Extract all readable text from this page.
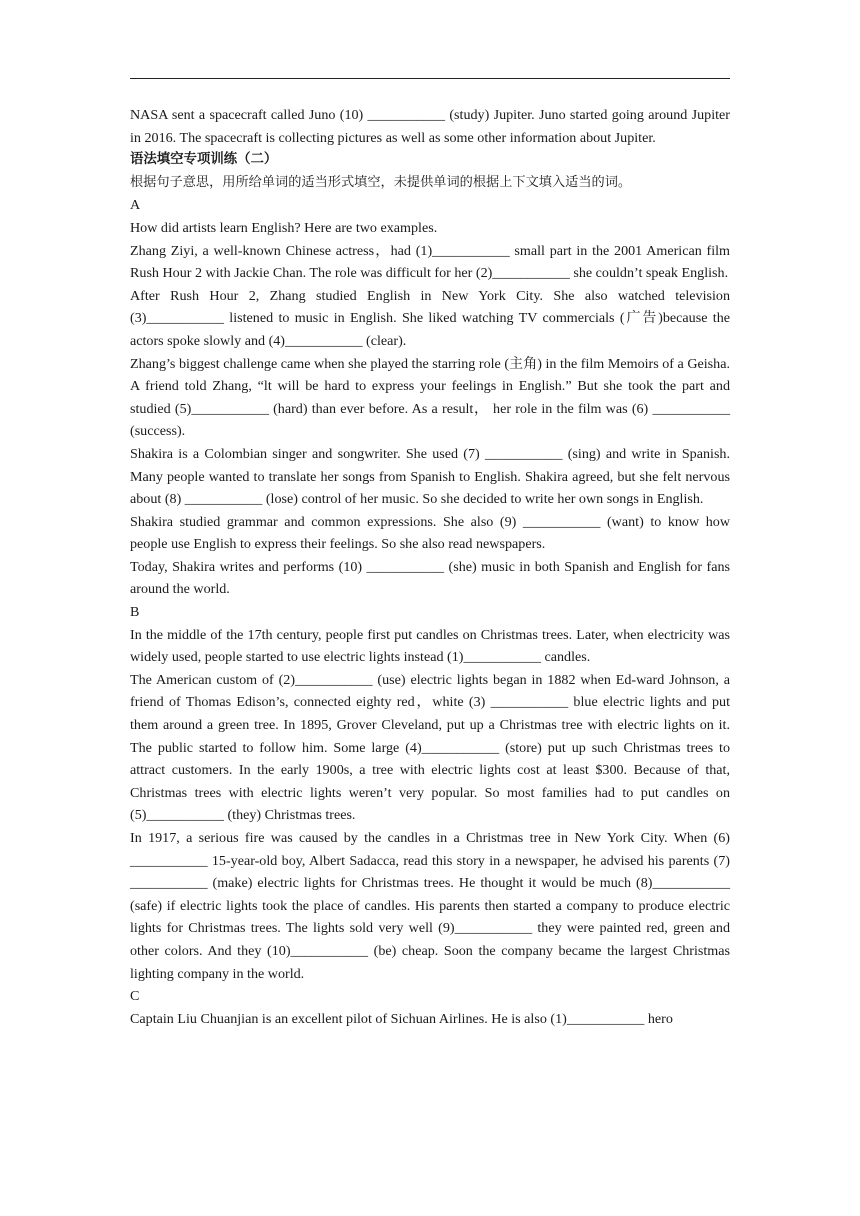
NASA sent a spacecraft called Juno (10) ___________ (study) Jupiter. Juno started going around Jupiter in 2016. The spacecraft is collecting pictures as well as some other information about Jupiter.

语法填空专项训练（二）

根据句子意思，用所给单词的适当形式填空，未提供单词的根据上下文填入适当的词。

A

How did artists learn English? Here are two examples.

Zhang Ziyi, a well-known Chinese actress，had (1)___________ small part in the 2001 American film Rush Hour 2 with Jackie Chan. The role was difficult for her (2)___________ she couldn’t speak English.

After Rush Hour 2, Zhang studied English in New York City. She also watched television (3)___________ listened to music in English. She liked watching TV commercials (广告)because the actors spoke slowly and (4)___________ (clear).

Zhang’s biggest challenge came when she played the starring role (主角) in the film Memoirs of a Geisha. A friend told Zhang, “lt will be hard to express your feelings in English.” But she took the part and studied (5)___________ (hard) than ever before. As a result， her role in the film was (6) ___________ (success).

Shakira is a Colombian singer and songwriter. She used (7) ___________ (sing) and write in Spanish. Many people wanted to translate her songs from Spanish to English. Shakira agreed, but she felt nervous about (8) ___________ (lose) control of her music. So she decided to write her own songs in English.

Shakira studied grammar and common expressions. She also (9) ___________ (want) to know how people use English to express their feelings. So she also read newspapers.

Today, Shakira writes and performs (10) ___________ (she) music in both Spanish and English for fans around the world.

B

In the middle of the 17th century, people first put candles on Christmas trees. Later, when electricity was widely used, people started to use electric lights instead (1)___________ candles.

The American custom of (2)___________ (use) electric lights began in 1882 when Ed-ward Johnson, a friend of Thomas Edison’s, connected eighty red，white (3) ___________ blue electric lights and put them around a green tree. In 1895, Grover Cleveland, put up a Christmas tree with electric lights on it. The public started to follow him. Some large (4)___________ (store) put up such Christmas trees to attract customers. In the early 1900s, a tree with electric lights cost at least $300. Because of that, Christmas trees with electric lights weren’t very popular. So most families had to put candles on (5)___________ (they) Christmas trees.

In 1917, a serious fire was caused by the candles in a Christmas tree in New York City. When (6) ___________ 15-year-old boy, Albert Sadacca, read this story in a newspaper, he advised his parents (7) ___________ (make) electric lights for Christmas trees. He thought it would be much (8)___________ (safe) if electric lights took the place of candles. His parents then started a company to produce electric lights for Christmas trees. The lights sold very well (9)___________ they were painted red, green and other colors. And they (10)___________ (be) cheap. Soon the company became the largest Christmas lighting company in the world.

C

Captain Liu Chuanjian is an excellent pilot of Sichuan Airlines. He is also (1)___________ hero
